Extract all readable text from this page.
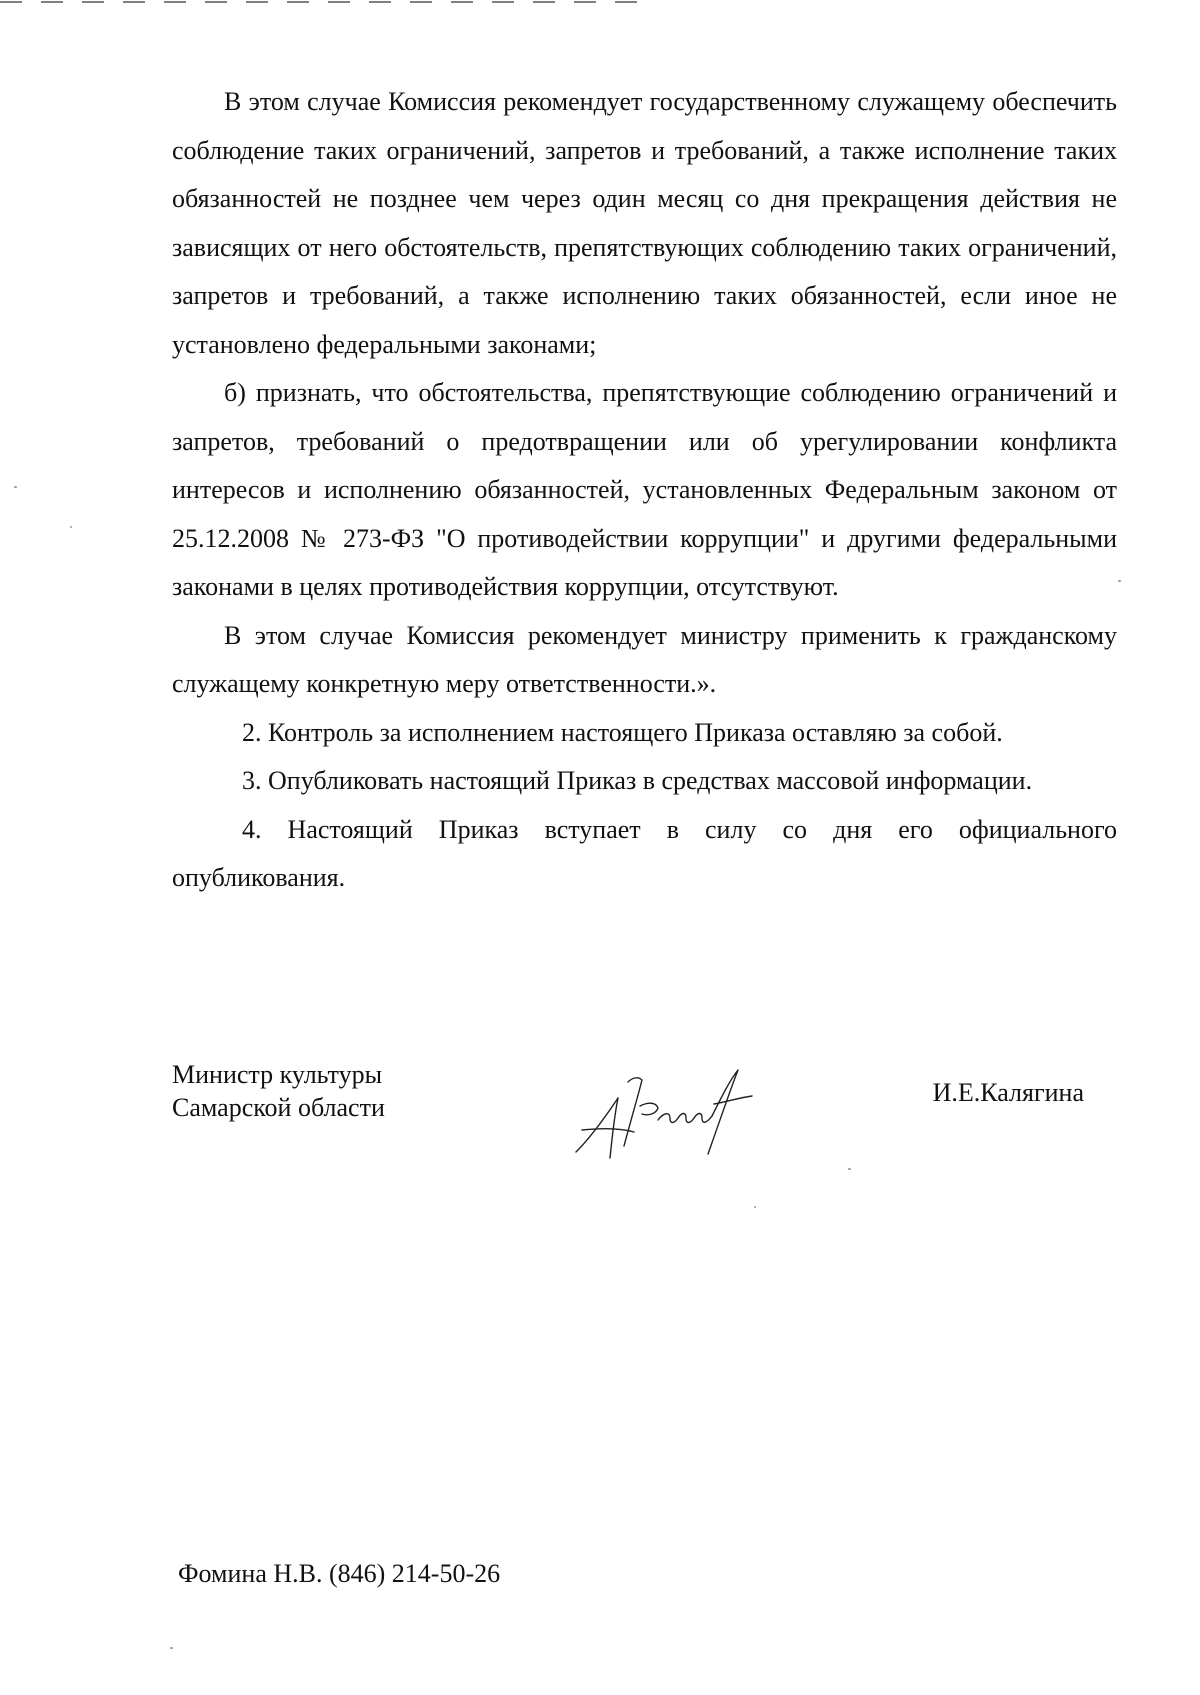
В этом случае Комиссия рекомендует государственному служащему обеспечить соблюдение таких ограничений, запретов и требований, а также исполнение таких обязанностей не позднее чем через один месяц со дня прекращения действия не зависящих от него обстоятельств, препятствующих соблюдению таких ограничений, запретов и требований, а также исполнению таких обязанностей, если иное не установлено федеральными законами;

б) признать, что обстоятельства, препятствующие соблюдению ограничений и запретов, требований о предотвращении или об урегулировании конфликта интересов и исполнению обязанностей, установленных Федеральным законом от 25.12.2008 № 273-ФЗ "О противодействии коррупции" и другими федеральными законами в целях противодействия коррупции, отсутствуют.

В этом случае Комиссия рекомендует министру применить к гражданскому служащему конкретную меру ответственности.».

2. Контроль за исполнением настоящего Приказа оставляю за собой.

3. Опубликовать настоящий Приказ в средствах массовой информации.

4. Настоящий Приказ вступает в силу со дня его официального опубликования.

Министр культуры
Самарской области
И.Е.Калягина
Фомина Н.В. (846) 214-50-26
